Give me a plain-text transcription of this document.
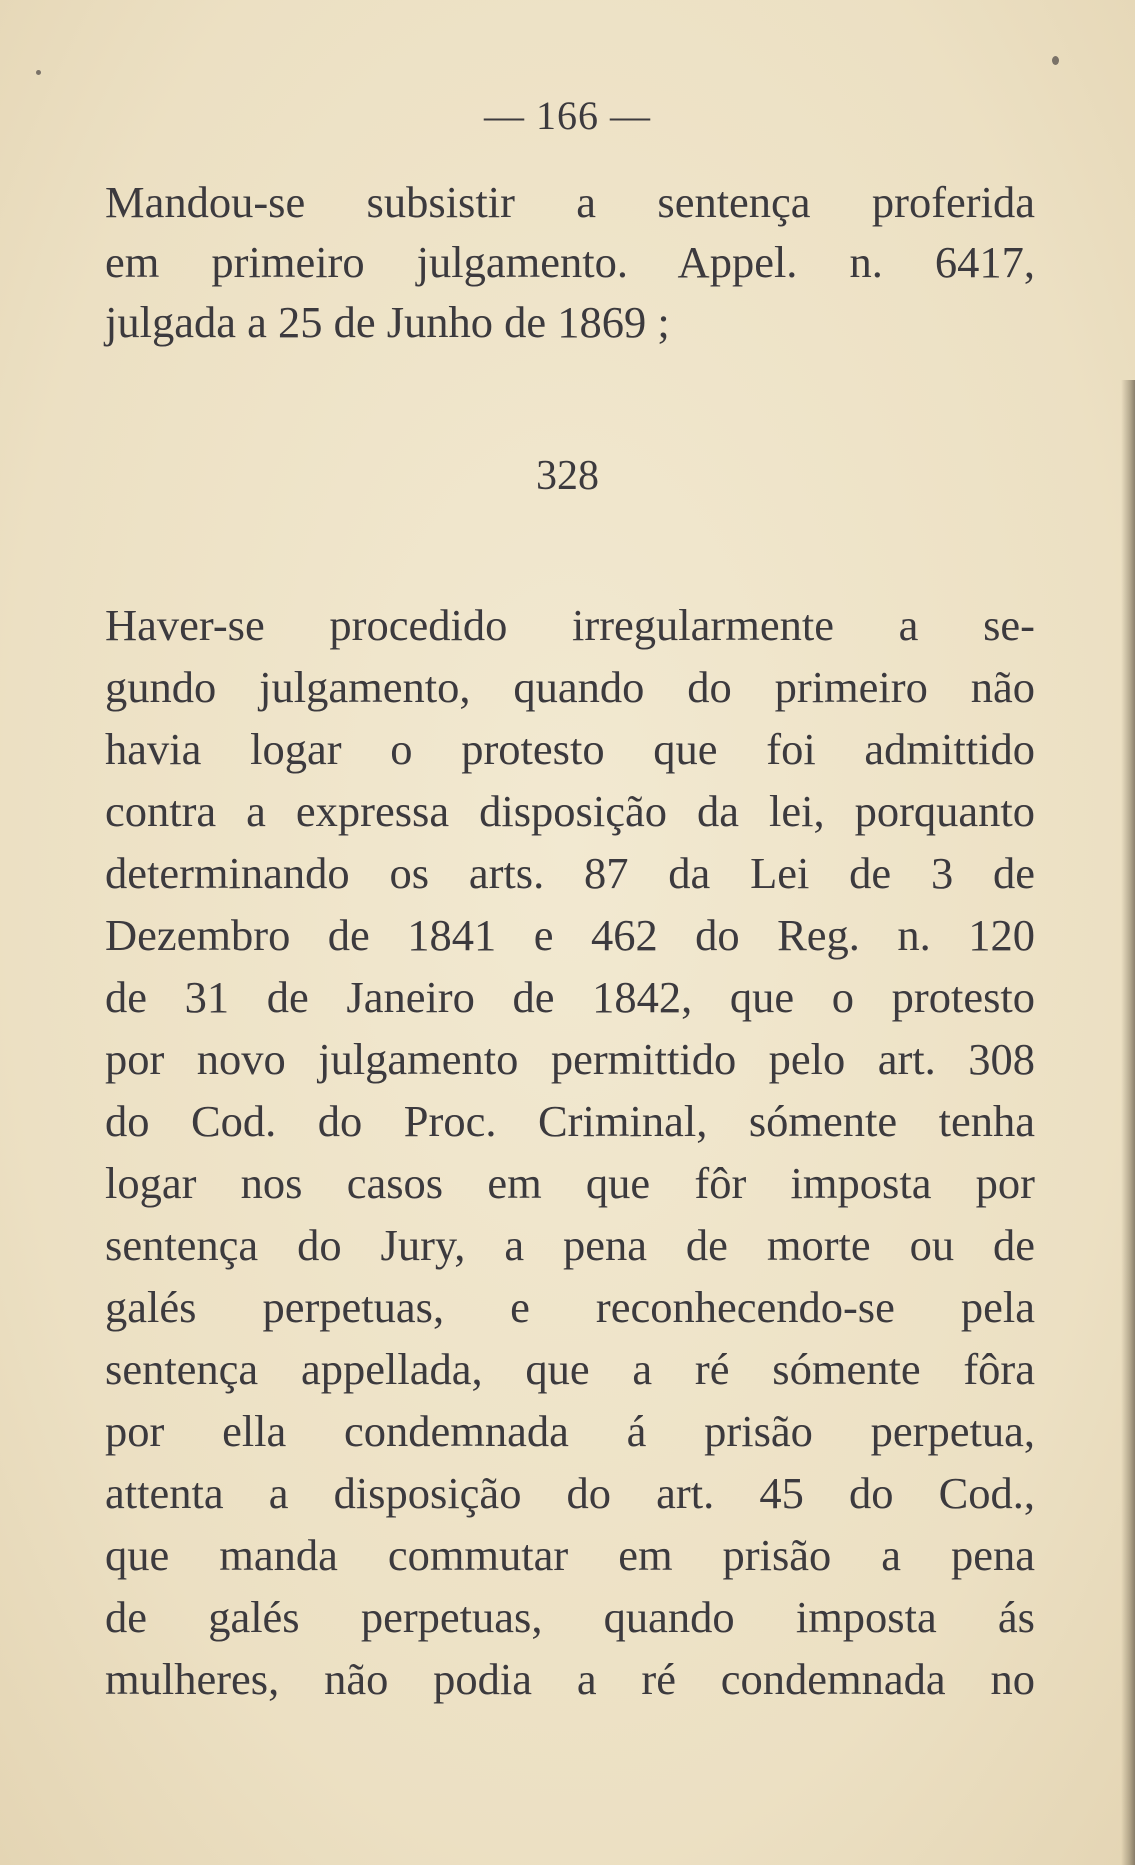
— 166 —
Mandou-se subsistir a sentença proferida
em primeiro julgamento. Appel. n. 6417,
julgada a 25 de Junho de 1869 ;
328
Haver-se procedido irregularmente a se-
gundo julgamento, quando do primeiro não
havia logar o protesto que foi admittido
contra a expressa disposição da lei, porquanto
determinando os arts. 87 da Lei de 3 de
Dezembro de 1841 e 462 do Reg. n. 120
de 31 de Janeiro de 1842, que o protesto
por novo julgamento permittido pelo art. 308
do Cod. do Proc. Criminal, sómente tenha
logar nos casos em que fôr imposta por
sentença do Jury, a pena de morte ou de
galés perpetuas, e reconhecendo-se pela
sentença appellada, que a ré sómente fôra
por ella condemnada á prisão perpetua,
attenta a disposição do art. 45 do Cod.,
que manda commutar em prisão a pena
de galés perpetuas, quando imposta ás
mulheres, não podia a ré condemnada no
